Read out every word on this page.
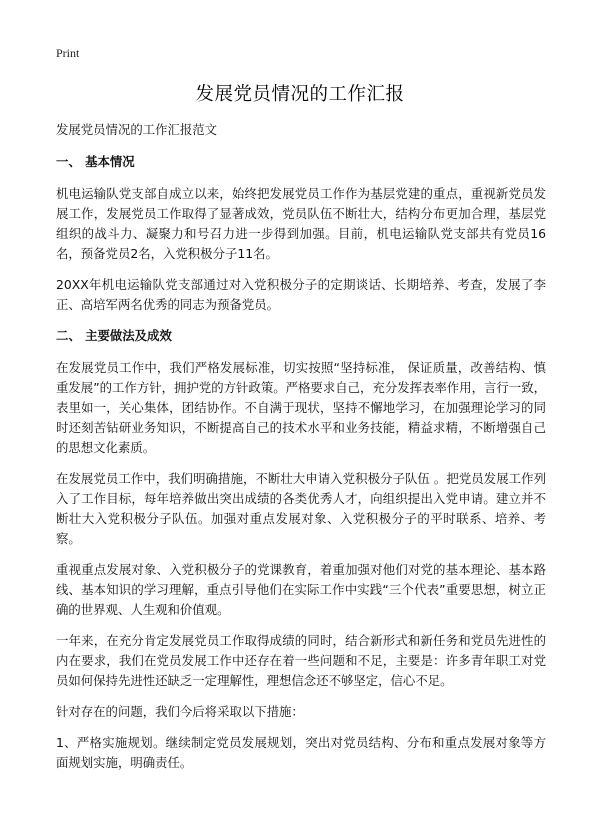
Print
发展党员情况的工作汇报

发展党员情况的工作汇报范文

一、 基本情况

机电运输队党支部自成立以来，始终把发展党员工作作为基层党建的重点，重视新党员发展工作，发展党员工作取得了显著成效，党员队伍不断壮大，结构分布更加合理，基层党组织的战斗力、凝聚力和号召力进一步得到加强。目前，机电运输队党支部共有党员16名，预备党员2名，入党积极分子11名。

20XX年机电运输队党支部通过对入党积极分子的定期谈话、长期培养、考查，发展了李正、高培军两名优秀的同志为预备党员。

二、 主要做法及成效

在发展党员工作中，我们严格发展标准，切实按照“坚持标准， 保证质量，改善结构、慎重发展”的工作方针，拥护党的方针政策。严格要求自己，充分发挥表率作用，言行一致，表里如一，关心集体，团结协作。不自满于现状，坚持不懈地学习，在加强理论学习的同时还刻苦钻研业务知识，不断提高自己的技术水平和业务技能，精益求精，不断增强自己的思想文化素质。

在发展党员工作中，我们明确措施，不断壮大申请入党积极分子队伍 。把党员发展工作列入了工作目标，每年培养做出突出成绩的各类优秀人才，向组织提出入党申请。建立并不断壮大入党积极分子队伍。加强对重点发展对象、入党积极分子的平时联系、培养、考察。

重视重点发展对象、入党积极分子的党课教育，着重加强对他们对党的基本理论、基本路线、基本知识的学习理解，重点引导他们在实际工作中实践“三个代表”重要思想，树立正确的世界观、人生观和价值观。

一年来，在充分肯定发展党员工作取得成绩的同时，结合新形式和新任务和党员先进性的内在要求，我们在党员发展工作中还存在着一些问题和不足，主要是：许多青年职工对党员如何保持先进性还缺乏一定理解性，理想信念还不够坚定，信心不足。

针对存在的问题，我们今后将采取以下措施：

1、严格实施规划。继续制定党员发展规划，突出对党员结构、分布和重点发展对象等方面规划实施，明确责任。
